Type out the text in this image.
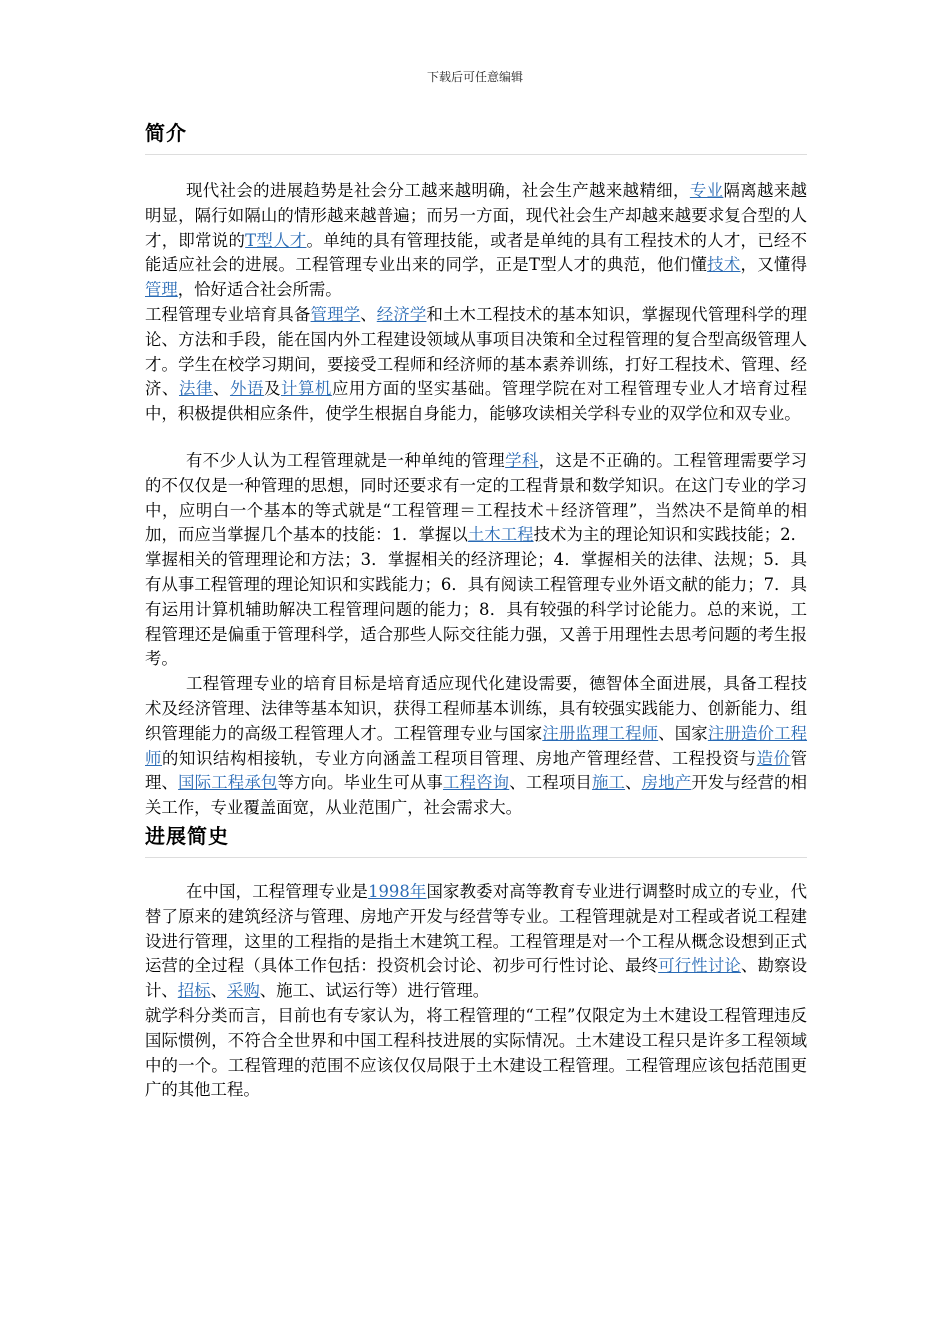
下载后可任意编辑
简介

现代社会的进展趋势是社会分工越来越明确，社会生产越来越精细，专业隔离越来越明显，隔行如隔山的情形越来越普遍；而另一方面，现代社会生产却越来越要求复合型的人才，即常说的T型人才。单纯的具有管理技能，或者是单纯的具有工程技术的人才，已经不能适应社会的进展。工程管理专业出来的同学，正是T型人才的典范，他们懂技术，又懂得管理，恰好适合社会所需。

工程管理专业培育具备管理学、经济学和土木工程技术的基本知识，掌握现代管理科学的理论、方法和手段，能在国内外工程建设领域从事项目决策和全过程管理的复合型高级管理人才。学生在校学习期间，要接受工程师和经济师的基本素养训练，打好工程技术、管理、经济、法律、外语及计算机应用方面的坚实基础。管理学院在对工程管理专业人才培育过程中，积极提供相应条件，使学生根据自身能力，能够攻读相关学科专业的双学位和双专业。

有不少人认为工程管理就是一种单纯的管理学科，这是不正确的。工程管理需要学习的不仅仅是一种管理的思想，同时还要求有一定的工程背景和数学知识。在这门专业的学习中，应明白一个基本的等式就是“工程管理＝工程技术＋经济管理”，当然决不是简单的相加，而应当掌握几个基本的技能：1．掌握以土木工程技术为主的理论知识和实践技能；2．掌握相关的管理理论和方法；3．掌握相关的经济理论；4．掌握相关的法律、法规；5．具有从事工程管理的理论知识和实践能力；6．具有阅读工程管理专业外语文献的能力；7．具有运用计算机辅助解决工程管理问题的能力；8．具有较强的科学讨论能力。总的来说，工程管理还是偏重于管理科学，适合那些人际交往能力强，又善于用理性去思考问题的考生报考。

工程管理专业的培育目标是培育适应现代化建设需要，德智体全面进展，具备工程技术及经济管理、法律等基本知识，获得工程师基本训练，具有较强实践能力、创新能力、组织管理能力的高级工程管理人才。工程管理专业与国家注册监理工程师、国家注册造价工程师的知识结构相接轨，专业方向涵盖工程项目管理、房地产管理经营、工程投资与造价管理、国际工程承包等方向。毕业生可从事工程咨询、工程项目施工、房地产开发与经营的相关工作，专业覆盖面宽，从业范围广，社会需求大。

进展简史

在中国，工程管理专业是1998年国家教委对高等教育专业进行调整时成立的专业，代替了原来的建筑经济与管理、房地产开发与经营等专业。工程管理就是对工程或者说工程建设进行管理，这里的工程指的是指土木建筑工程。工程管理是对一个工程从概念设想到正式运营的全过程（具体工作包括：投资机会讨论、初步可行性讨论、最终可行性讨论、勘察设计、招标、采购、施工、试运行等）进行管理。

就学科分类而言，目前也有专家认为，将工程管理的“工程”仅限定为土木建设工程管理违反国际惯例，不符合全世界和中国工程科技进展的实际情况。土木建设工程只是许多工程领域中的一个。工程管理的范围不应该仅仅局限于土木建设工程管理。工程管理应该包括范围更广的其他工程。
